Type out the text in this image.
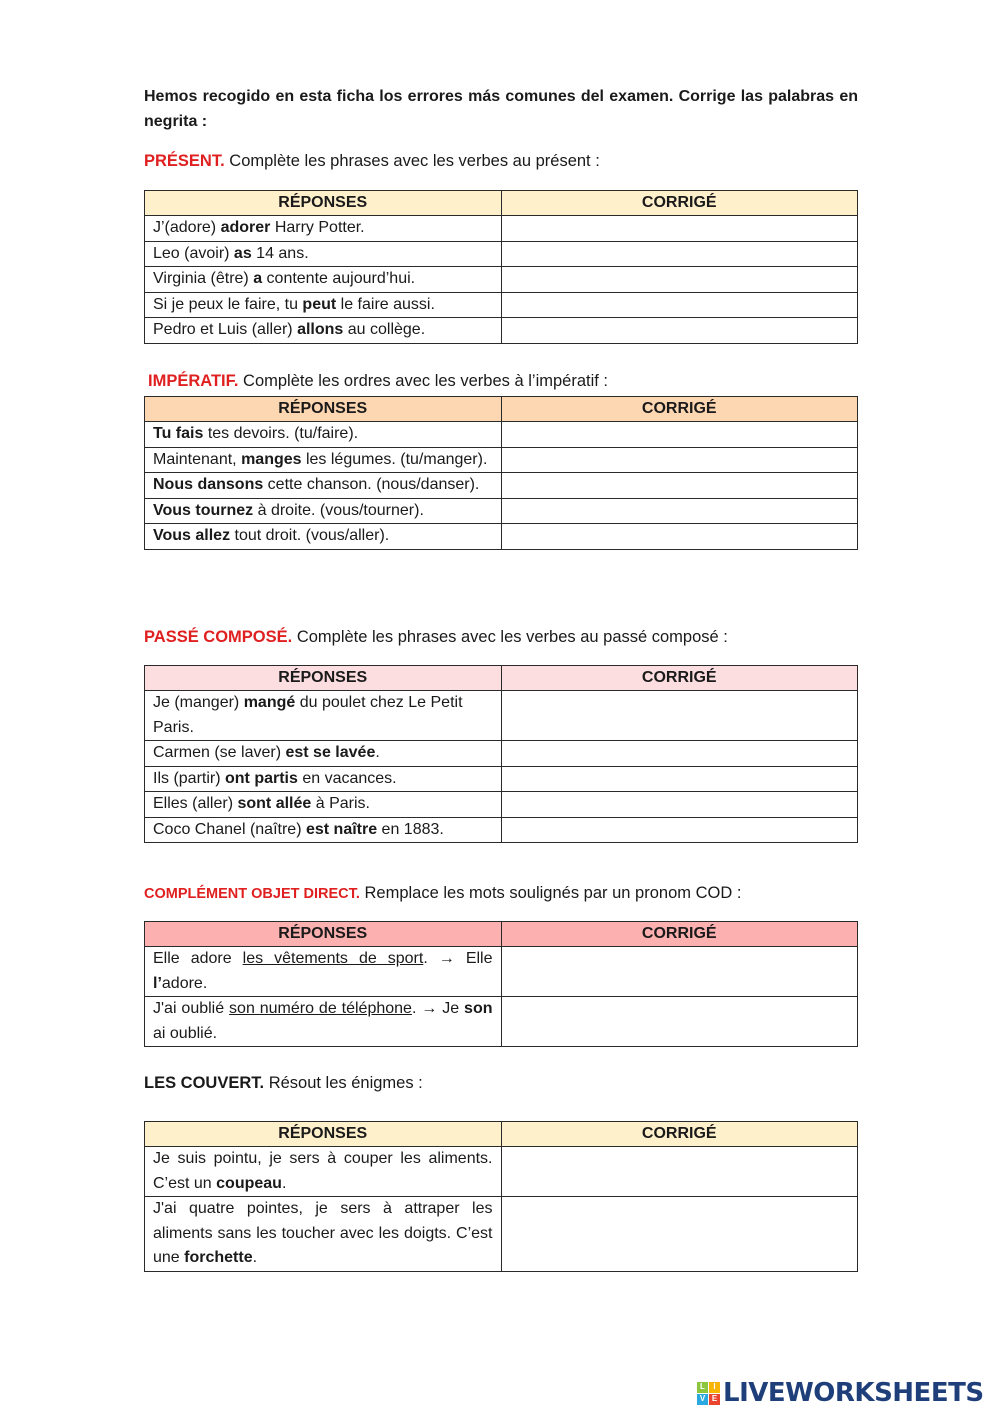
Hemos recogido en esta ficha los errores más comunes del examen. Corrige las palabras en negrita :

PRÉSENT. Complète les phrases avec les verbes au présent :

RÉPONSES	CORRIGÉ
J’(adore) adorer Harry Potter.	
Leo (avoir) as 14 ans.	
Virginia (être) a contente aujourd’hui.	
Si je peux le faire, tu peut le faire aussi.	
Pedro et Luis (aller) allons au collège.	

IMPÉRATIF. Complète les ordres avec les verbes à l’impératif :

RÉPONSES	CORRIGÉ
Tu fais tes devoirs. (tu/faire).	
Maintenant, manges les légumes. (tu/manger).	
Nous dansons cette chanson. (nous/danser).	
Vous tournez à droite. (vous/tourner).	
Vous allez tout droit. (vous/aller).	

PASSÉ COMPOSÉ. Complète les phrases avec les verbes au passé composé :

RÉPONSES	CORRIGÉ
Je (manger) mangé du poulet chez Le Petit Paris.	
Carmen (se laver) est se lavée.	
Ils (partir) ont partis en vacances.	
Elles (aller) sont allée à Paris.	
Coco Chanel (naître) est naître en 1883.	

COMPLÉMENT OBJET DIRECT. Remplace les mots soulignés par un pronom COD :

RÉPONSES	CORRIGÉ
Elle adore les vêtements de sport. → Elle l’adore.	
J'ai oublié son numéro de téléphone. → Je son ai oublié.	

LES COUVERT. Résout les énigmes :

RÉPONSES	CORRIGÉ
Je suis pointu, je sers à couper les aliments. C’est un coupeau.	
J'ai quatre pointes, je sers à attraper les aliments sans les toucher avec les doigts. C’est une forchette.	
L	I
V E LIVEWORKSHEETS
